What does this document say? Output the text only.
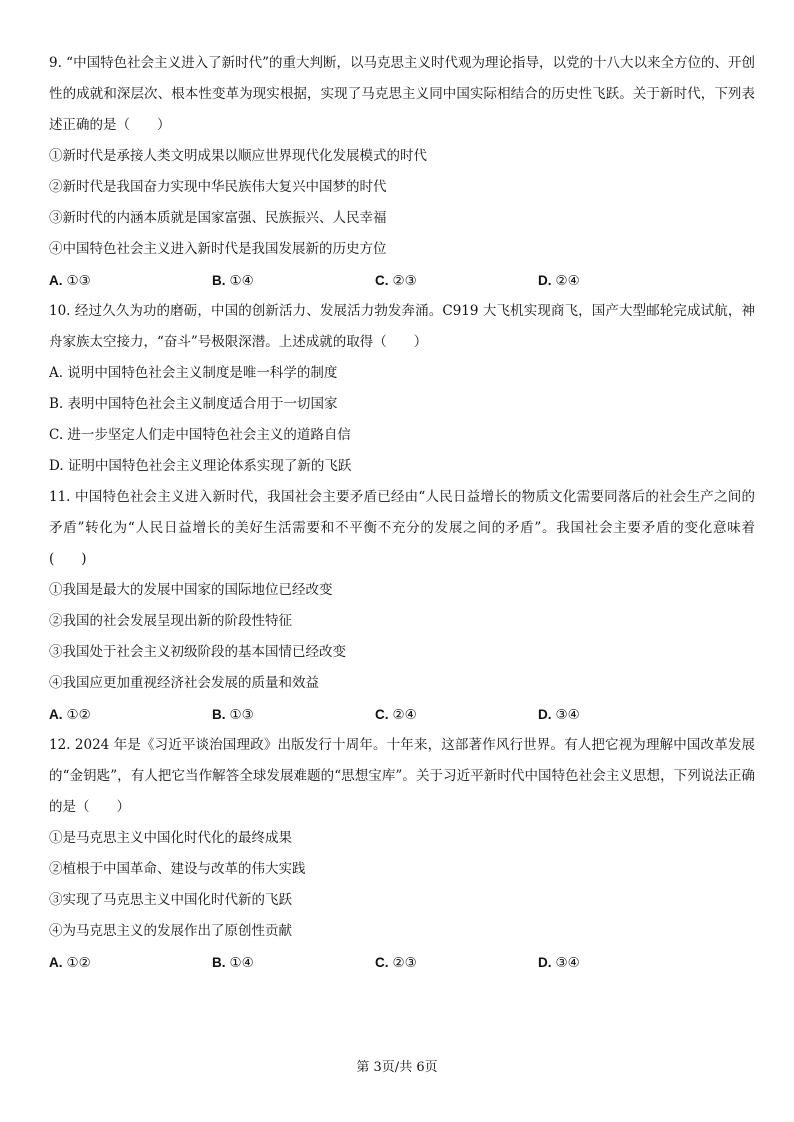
9. “中国特色社会主义进入了新时代”的重大判断，以马克思主义时代观为理论指导，以党的十八大以来全方位的、开创性的成就和深层次、根本性变革为现实根据，实现了马克思主义同中国实际相结合的历史性飞跃。关于新时代，下列表述正确的是（　　）
①新时代是承接人类文明成果以顺应世界现代化发展模式的时代
②新时代是我国奋力实现中华民族伟大复兴中国梦的时代
③新时代的内涵本质就是国家富强、民族振兴、人民幸福
④中国特色社会主义进入新时代是我国发展新的历史方位
A. ①③	B. ①④	C. ②③	D. ②④
10. 经过久久为功的磨砺，中国的创新活力、发展活力勃发奔涌。C919 大飞机实现商飞，国产大型邮轮完成试航，神舟家族太空接力，“奋斗”号极限深潜。上述成就的取得（　　）
A. 说明中国特色社会主义制度是唯一科学的制度
B. 表明中国特色社会主义制度适合用于一切国家
C. 进一步坚定人们走中国特色社会主义的道路自信
D. 证明中国特色社会主义理论体系实现了新的飞跃
11. 中国特色社会主义进入新时代，我国社会主要矛盾已经由“人民日益增长的物质文化需要同落后的社会生产之间的矛盾”转化为“人民日益增长的美好生活需要和不平衡不充分的发展之间的矛盾”。我国社会主要矛盾的变化意味着(　　)
①我国是最大的发展中国家的国际地位已经改变
②我国的社会发展呈现出新的阶段性特征
③我国处于社会主义初级阶段的基本国情已经改变
④我国应更加重视经济社会发展的质量和效益
A. ①②	B. ①③	C. ②④	D. ③④
12. 2024 年是《习近平谈治国理政》出版发行十周年。十年来，这部著作风行世界。有人把它视为理解中国改革发展的“金钥匙”，有人把它当作解答全球发展难题的“思想宝库”。关于习近平新时代中国特色社会主义思想，下列说法正确的是（　　）
①是马克思主义中国化时代化的最终成果
②植根于中国革命、建设与改革的伟大实践
③实现了马克思主义中国化时代新的飞跃
④为马克思主义的发展作出了原创性贡献
A. ①②	B. ①④	C. ②③	D. ③④
第 3页/共 6页
